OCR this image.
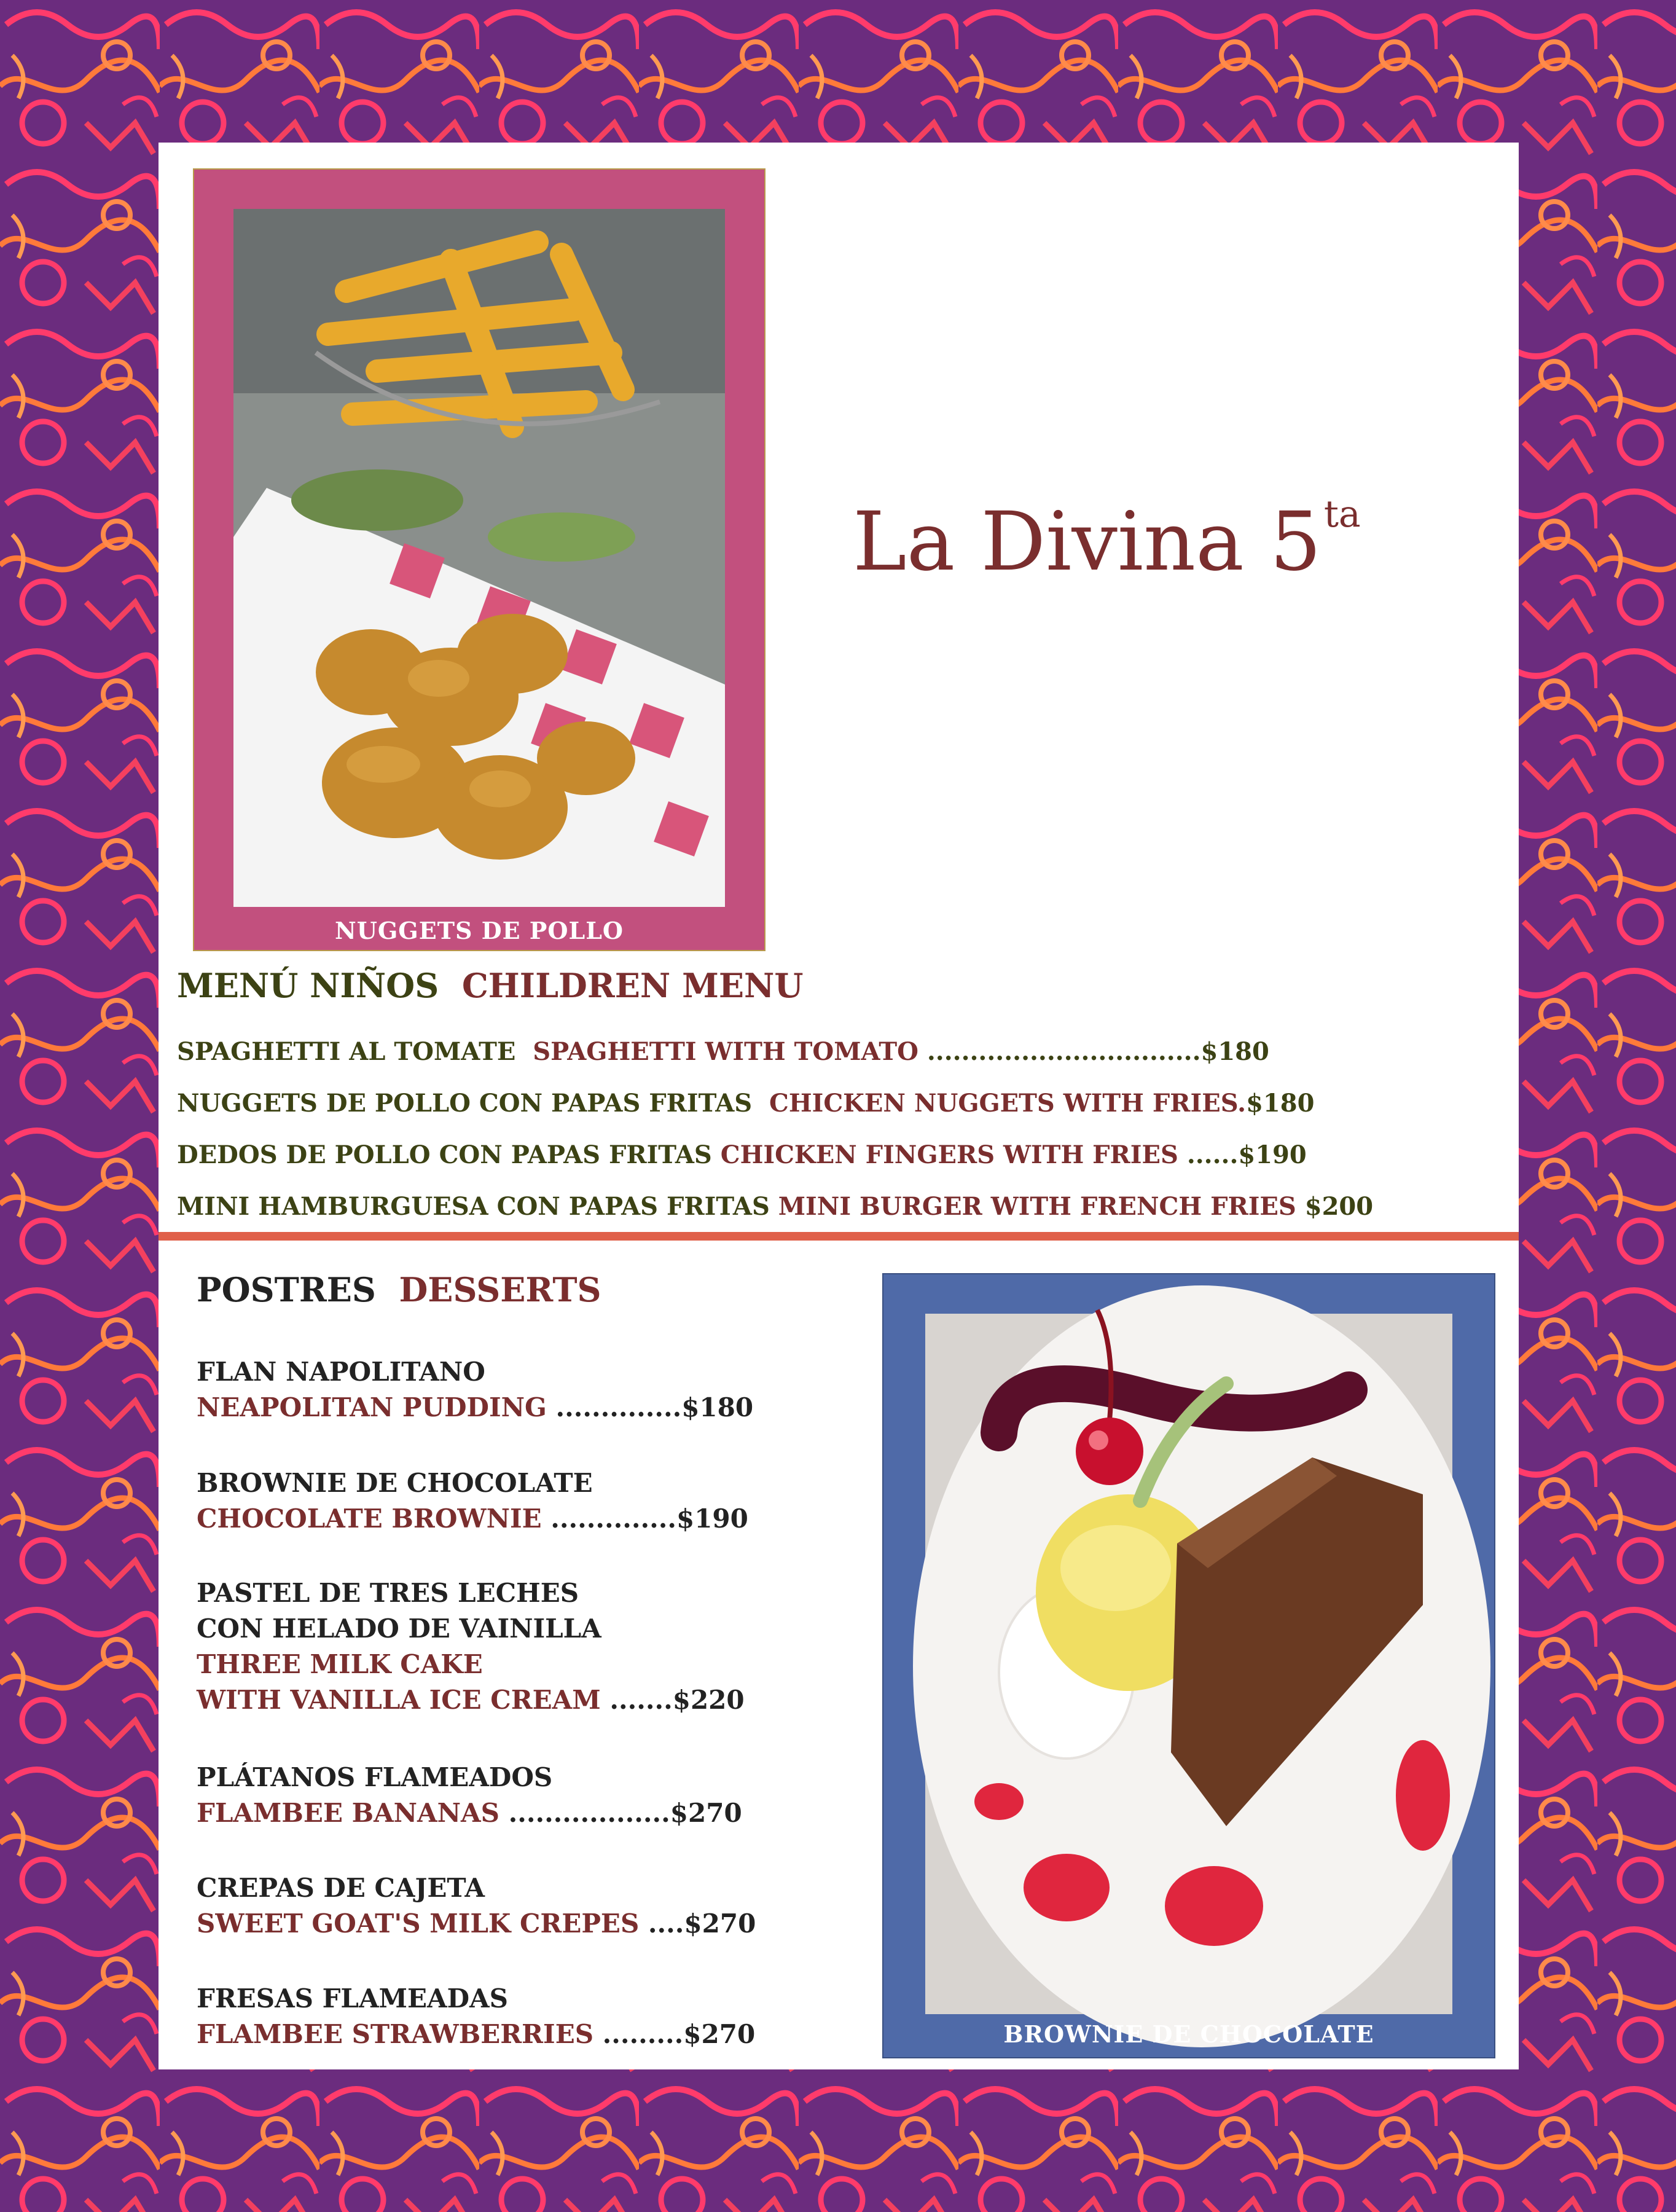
NUGGETS DE POLLO
La Divina $5^{ta}$
MENÚ NIÑOS CHILDREN MENU
SPAGHETTI AL TOMATE SPAGHETTI WITH TOMATO ................................$180
NUGGETS DE POLLO CON PAPAS FRITAS CHICKEN NUGGETS WITH FRIES.$180
DEDOS DE POLLO CON PAPAS FRITAS CHICKEN FINGERS WITH FRIES ......$190
MINI HAMBURGUESA CON PAPAS FRITAS MINI BURGER WITH FRENCH FRIES $200
POSTRES DESSERTS
FLAN NAPOLITANO
NEAPOLITAN PUDDING ..............$180
BROWNIE DE CHOCOLATE
CHOCOLATE BROWNIE ..............$190
PASTEL DE TRES LECHES
CON HELADO DE VAINILLA
THREE MILK CAKE
WITH VANILLA ICE CREAM .......$220
PLÁTANOS FLAMEADOS
FLAMBEE BANANAS ..................$270
CREPAS DE CAJETA
SWEET GOAT'S MILK CREPES ....$270
FRESAS FLAMEADAS
FLAMBEE STRAWBERRIES .........$270	BROWNIE DE CHOCOLATE
